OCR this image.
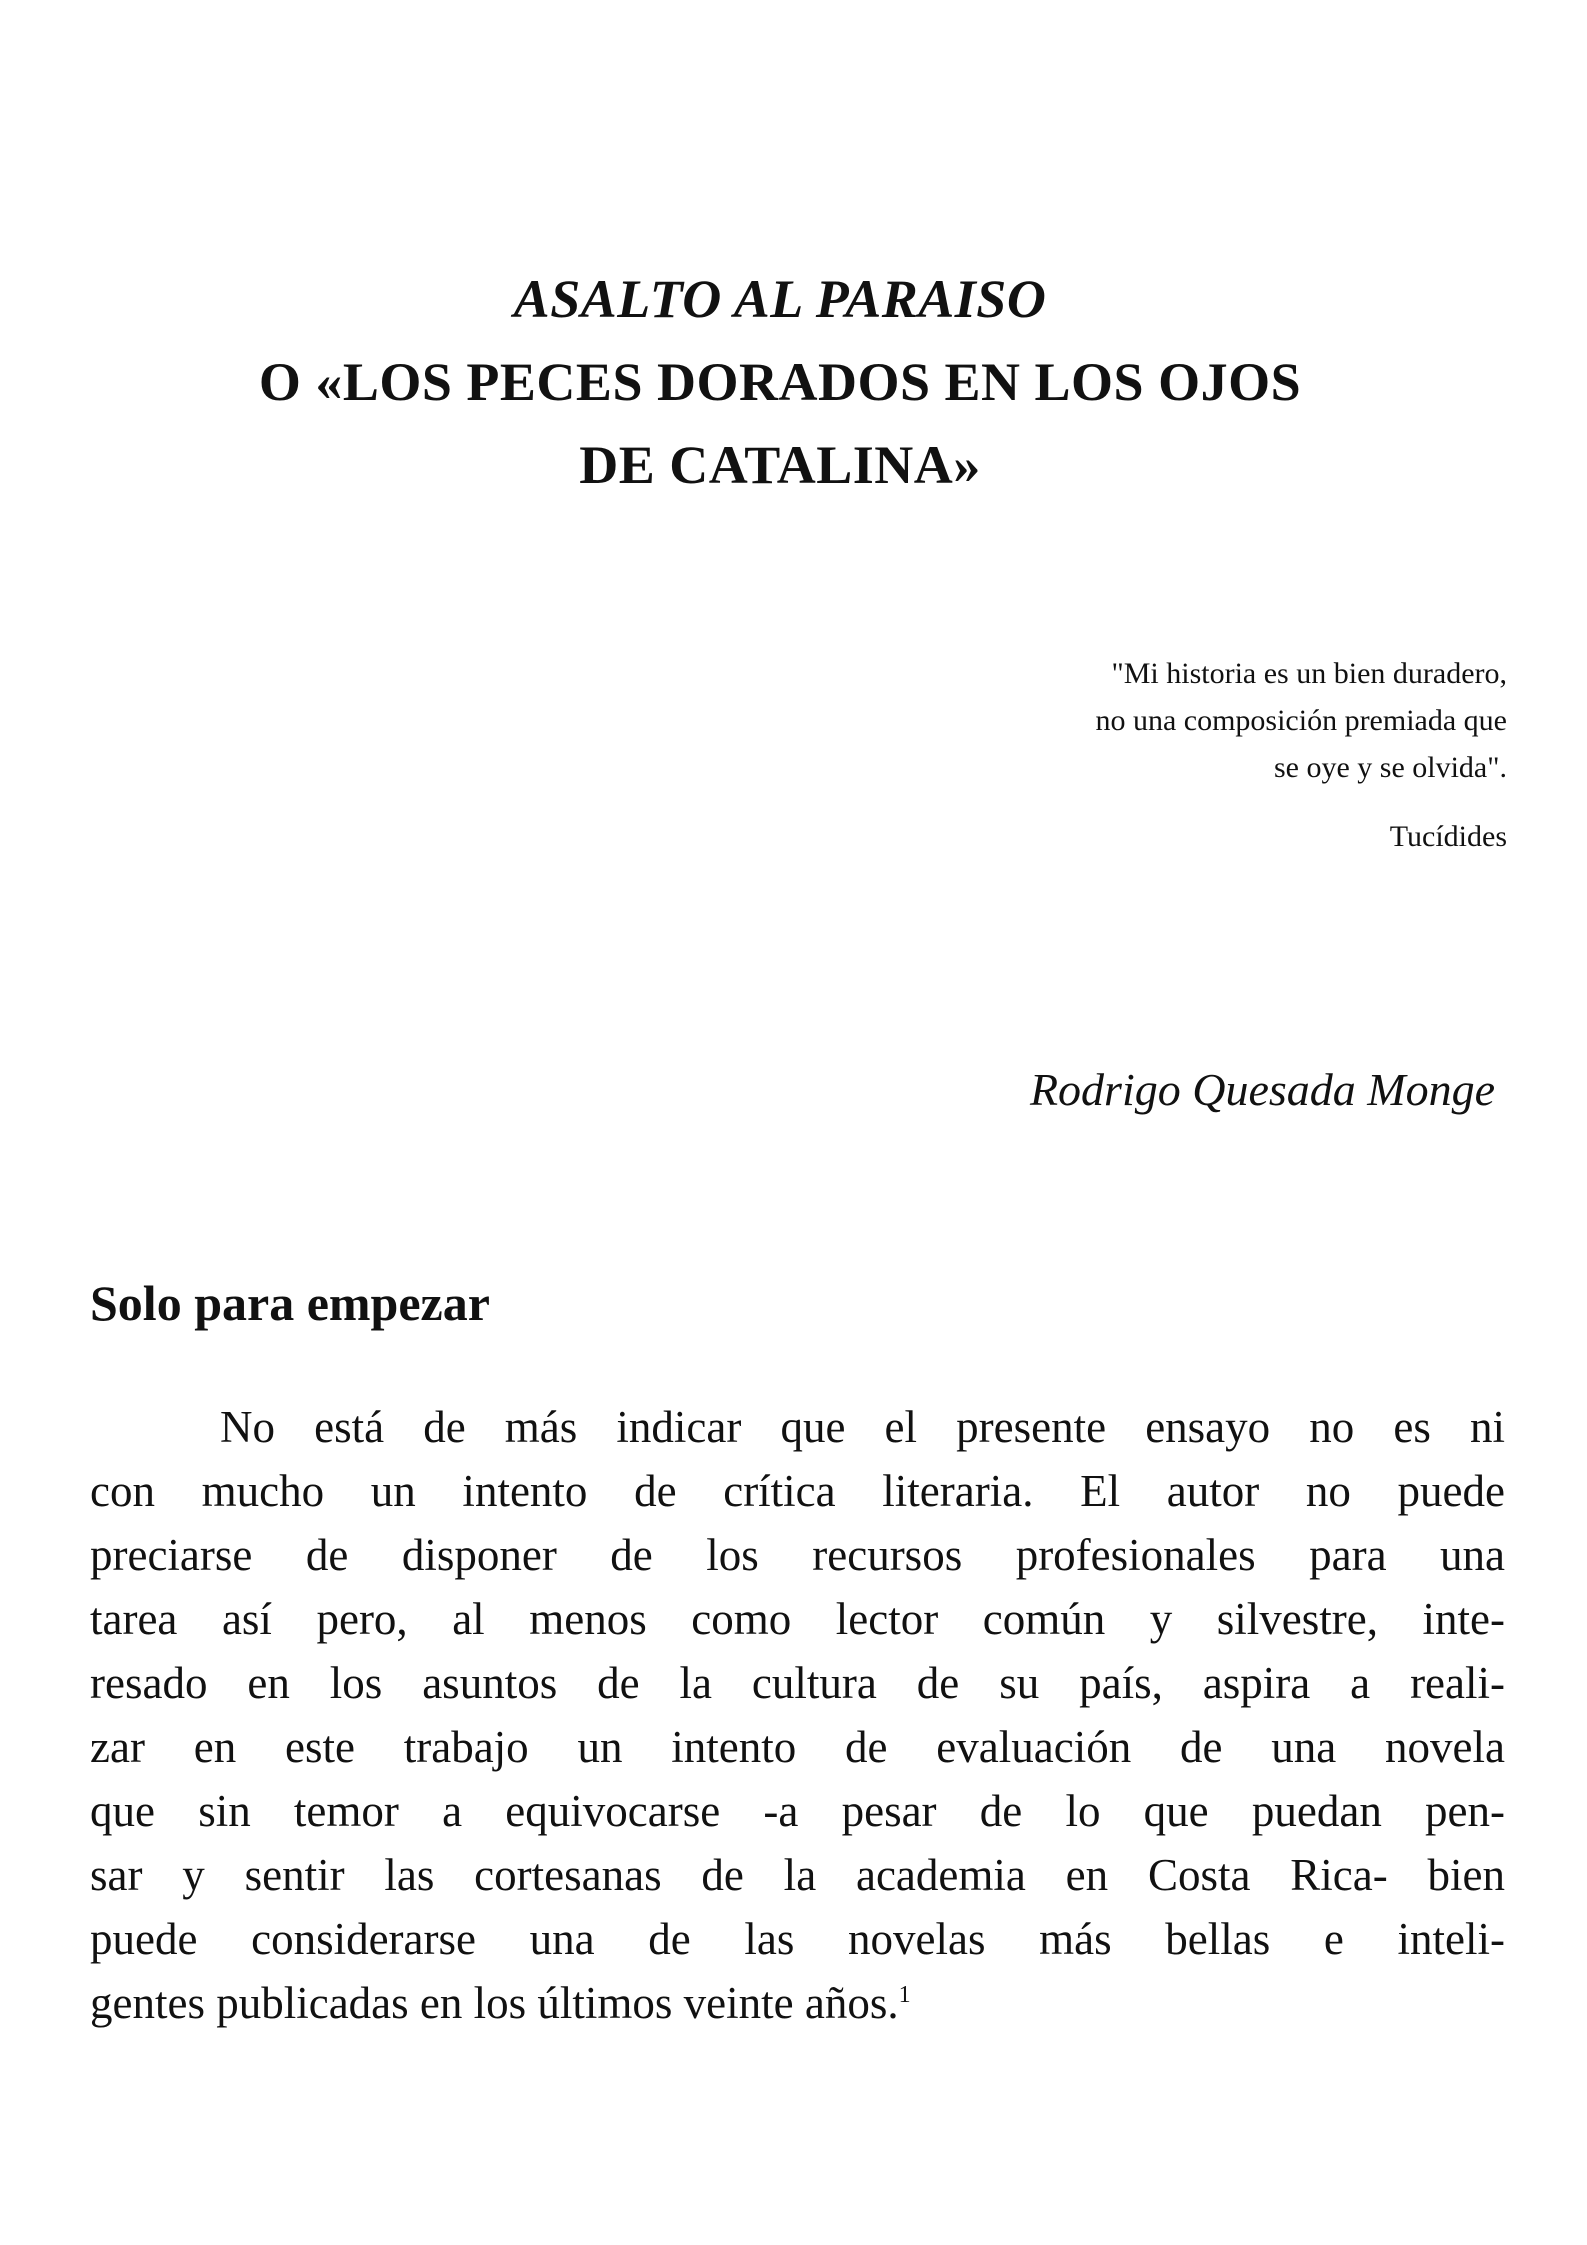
ASALTO AL PARAISO
O «LOS PECES DORADOS EN LOS OJOS
DE CATALINA»
"Mi historia es un bien duradero,
no una composición premiada que
se oye y se olvida".
Tucídides
Rodrigo Quesada Monge
Solo para empezar
No está de más indicar que el presente ensayo no es ni
con mucho un intento de crítica literaria. El autor no puede
preciarse de disponer de los recursos profesionales para una
tarea así pero, al menos como lector común y silvestre, inte-
resado en los asuntos de la cultura de su país, aspira a reali-
zar en este trabajo un intento de evaluación de una novela
que sin temor a equivocarse -a pesar de lo que puedan pen-
sar y sentir las cortesanas de la academia en Costa Rica- bien
puede considerarse una de las novelas más bellas e inteli-
gentes publicadas en los últimos veinte años.$^1$
